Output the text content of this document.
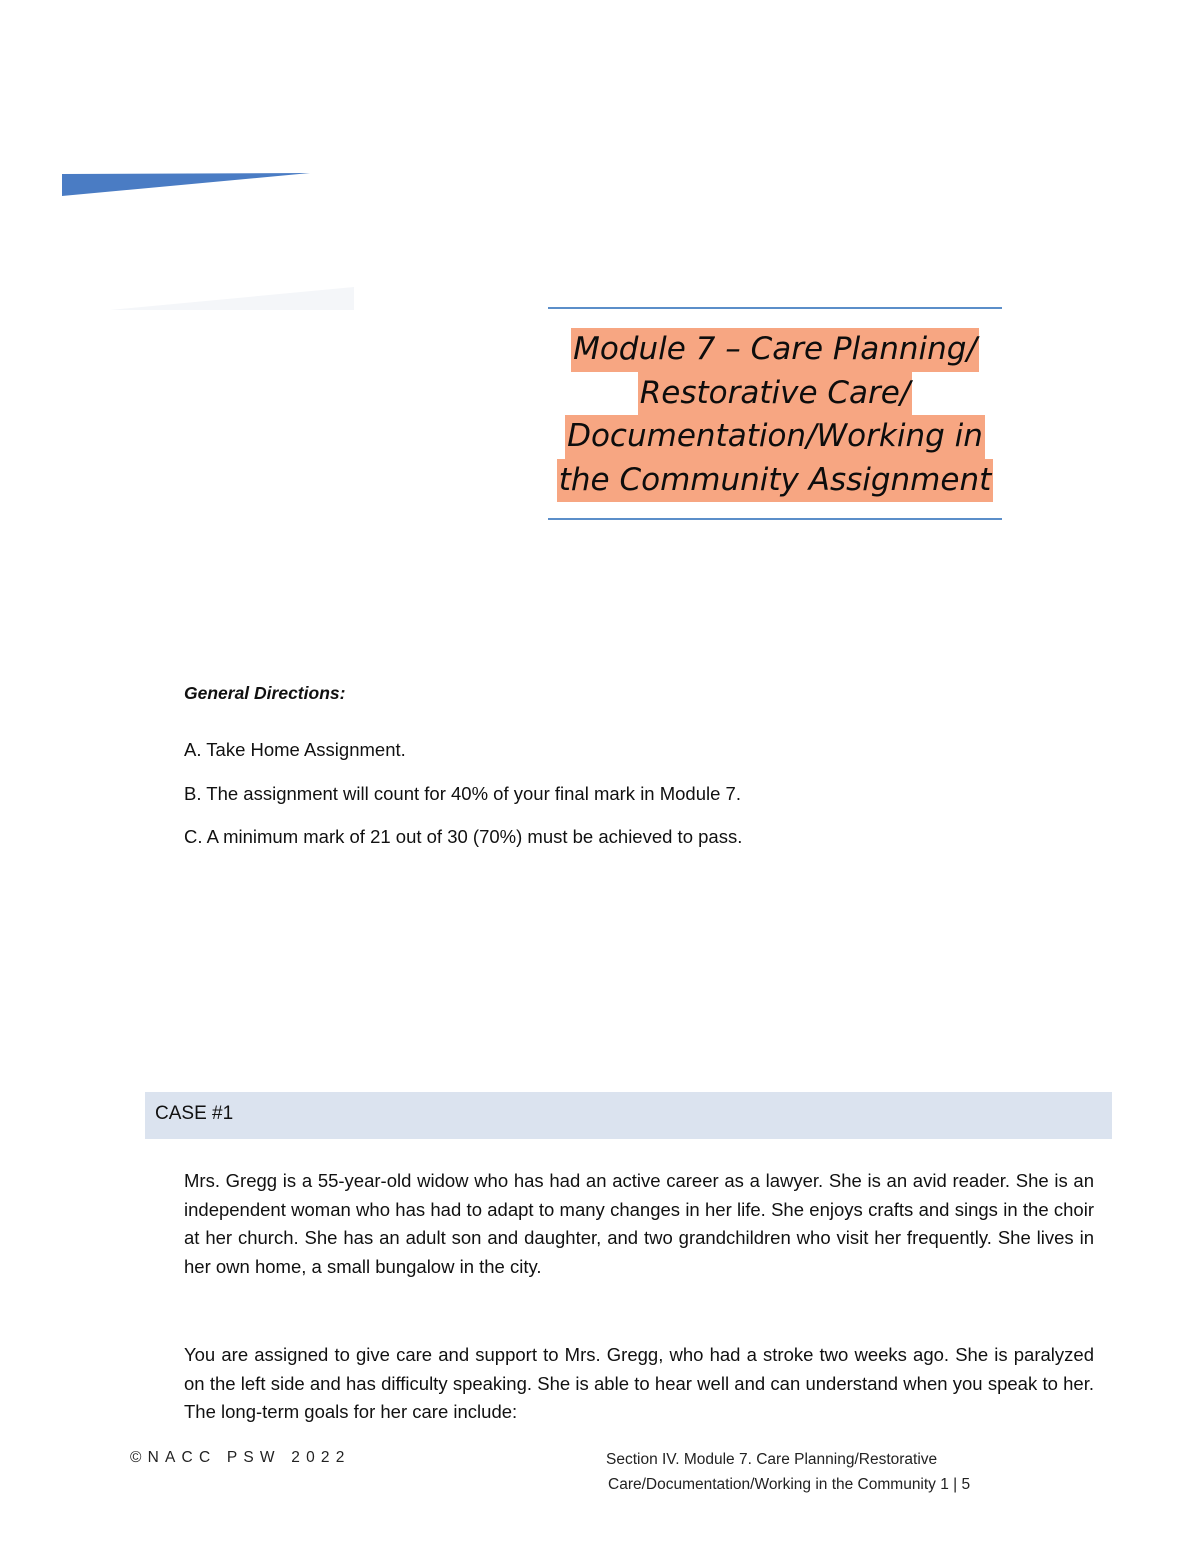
Module 7 – Care Planning/
Restorative Care/
Documentation/Working in
the Community Assignment
General Directions:
A. Take Home Assignment.
B. The assignment will count for 40% of your final mark in Module 7.
C. A minimum mark of 21 out of 30 (70%) must be achieved to pass.
CASE #1
Mrs. Gregg is a 55-year-old widow who has had an active career as a lawyer. She is an avid reader. She is an independent woman who has had to adapt to many changes in her life. She enjoys crafts and sings in the choir at her church. She has an adult son and daughter, and two grandchildren who visit her frequently. She lives in her own home, a small bungalow in the city.
You are assigned to give care and support to Mrs. Gregg, who had a stroke two weeks ago. She is paralyzed on the left side and has difficulty speaking. She is able to hear well and can understand when you speak to her. The long-term goals for her care include:
©NACC PSW 2022	Section IV. Module 7. Care Planning/Restorative
Care/Documentation/Working in the Community 1 | 5
